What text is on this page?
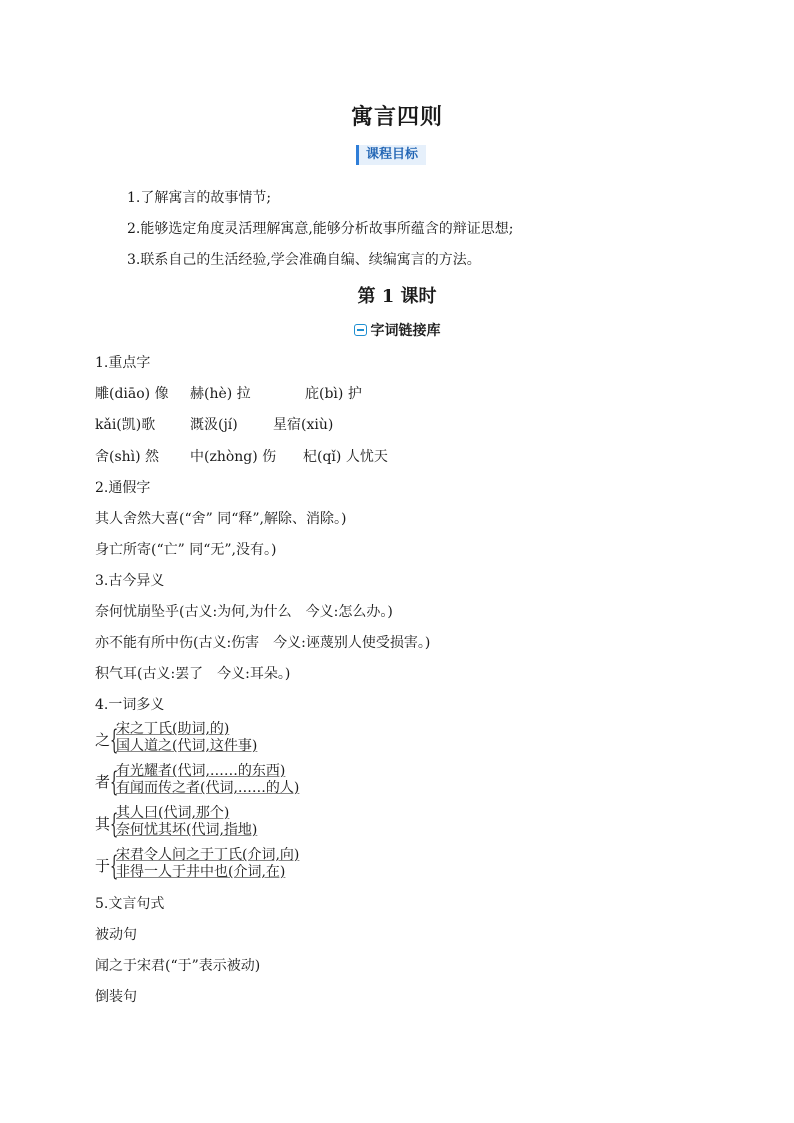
寓言四则
课程目标
1.了解寓言的故事情节;
2.能够选定角度灵活理解寓意,能够分析故事所蕴含的辩证思想;
3.联系自己的生活经验,学会准确自编、续编寓言的方法。
第 1 课时
字词链接库
1.重点字
雕(diāo) 像 赫(hè) 拉	庇(bì) 护
kǎi(凯)歌 溉汲(jí)	星宿(xiù)
舍(shì) 然 中(zhòng) 伤 杞(qǐ) 人忧天
2.通假字
其人舍然大喜(“舍” 同“释”,解除、消除。)
身亡所寄(“亡” 同“无”,没有。)
3.古今异义
奈何忧崩坠乎(古义:为何,为什么　今义:怎么办。)
亦不能有所中伤(古义:伤害　今义:诬蔑别人使受损害。)
积气耳(古义:罢了　今义:耳朵。)
4.一词多义
之{
宋之丁氏(助词,的)
国人道之(代词,这件事)
者{
有光耀者(代词,……的东西)
有闻而传之者(代词,……的人)
其{
其人曰(代词,那个)
奈何忧其坏(代词,指地)
于{
宋君令人问之于丁氏(介词,向)
非得一人于井中也(介词,在)
5.文言句式
被动句
闻之于宋君(“于”表示被动)
倒装句
